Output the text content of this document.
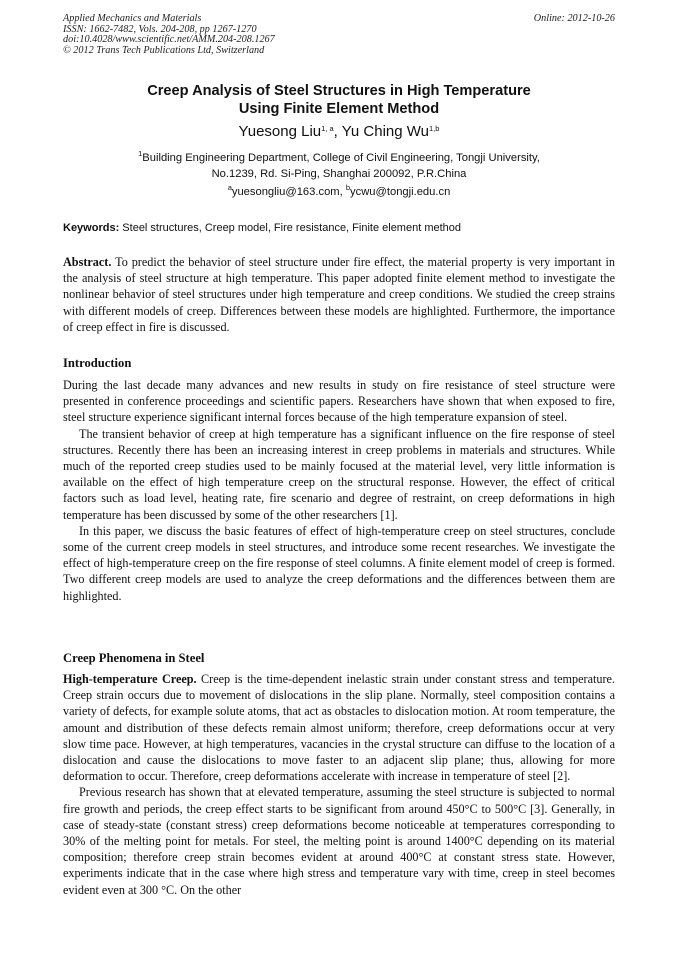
Applied Mechanics and Materials
ISSN: 1662-7482, Vols. 204-208, pp 1267-1270
doi:10.4028/www.scientific.net/AMM.204-208.1267
© 2012 Trans Tech Publications Ltd, Switzerland
Online: 2012-10-26
Creep Analysis of Steel Structures in High Temperature
Using Finite Element Method
Yuesong Liu$^{1, a}$, Yu Ching Wu$^{1,b}$
$^1$Building Engineering Department, College of Civil Engineering, Tongji University,
No.1239, Rd. Si-Ping, Shanghai 200092, P.R.China
$^a$yuesongliu@163.com, $^b$ycwu@tongji.edu.cn
Keywords: Steel structures, Creep model, Fire resistance, Finite element method

Abstract. To predict the behavior of steel structure under fire effect, the material property is very important in the analysis of steel structure at high temperature. This paper adopted finite element method to investigate the nonlinear behavior of steel structures under high temperature and creep conditions. We studied the creep strains with different models of creep. Differences between these models are highlighted. Furthermore, the importance of creep effect in fire is discussed.

Introduction

During the last decade many advances and new results in study on fire resistance of steel structure were presented in conference proceedings and scientific papers. Researchers have shown that when exposed to fire, steel structure experience significant internal forces because of the high temperature expansion of steel.

The transient behavior of creep at high temperature has a significant influence on the fire response of steel structures. Recently there has been an increasing interest in creep problems in materials and structures. While much of the reported creep studies used to be mainly focused at the material level, very little information is available on the effect of high temperature creep on the structural response. However, the effect of critical factors such as load level, heating rate, fire scenario and degree of restraint, on creep deformations in high temperature has been discussed by some of the other researchers [1].

In this paper, we discuss the basic features of effect of high-temperature creep on steel structures, conclude some of the current creep models in steel structures, and introduce some recent researches. We investigate the effect of high-temperature creep on the fire response of steel columns. A finite element model of creep is formed. Two different creep models are used to analyze the creep deformations and the differences between them are highlighted.

Creep Phenomena in Steel

High-temperature Creep. Creep is the time-dependent inelastic strain under constant stress and temperature. Creep strain occurs due to movement of dislocations in the slip plane. Normally, steel composition contains a variety of defects, for example solute atoms, that act as obstacles to dislocation motion. At room temperature, the amount and distribution of these defects remain almost uniform; therefore, creep deformations occur at very slow time pace. However, at high temperatures, vacancies in the crystal structure can diffuse to the location of a dislocation and cause the dislocations to move faster to an adjacent slip plane; thus, allowing for more deformation to occur. Therefore, creep deformations accelerate with increase in temperature of steel [2].

Previous research has shown that at elevated temperature, assuming the steel structure is subjected to normal fire growth and periods, the creep effect starts to be significant from around 450°C to 500°C [3]. Generally, in case of steady-state (constant stress) creep deformations become noticeable at temperatures corresponding to 30% of the melting point for metals. For steel, the melting point is around 1400°C depending on its material composition; therefore creep strain becomes evident at around 400°C at constant stress state. However, experiments indicate that in the case where high stress and temperature vary with time, creep in steel becomes evident even at 300 °C. On the other
